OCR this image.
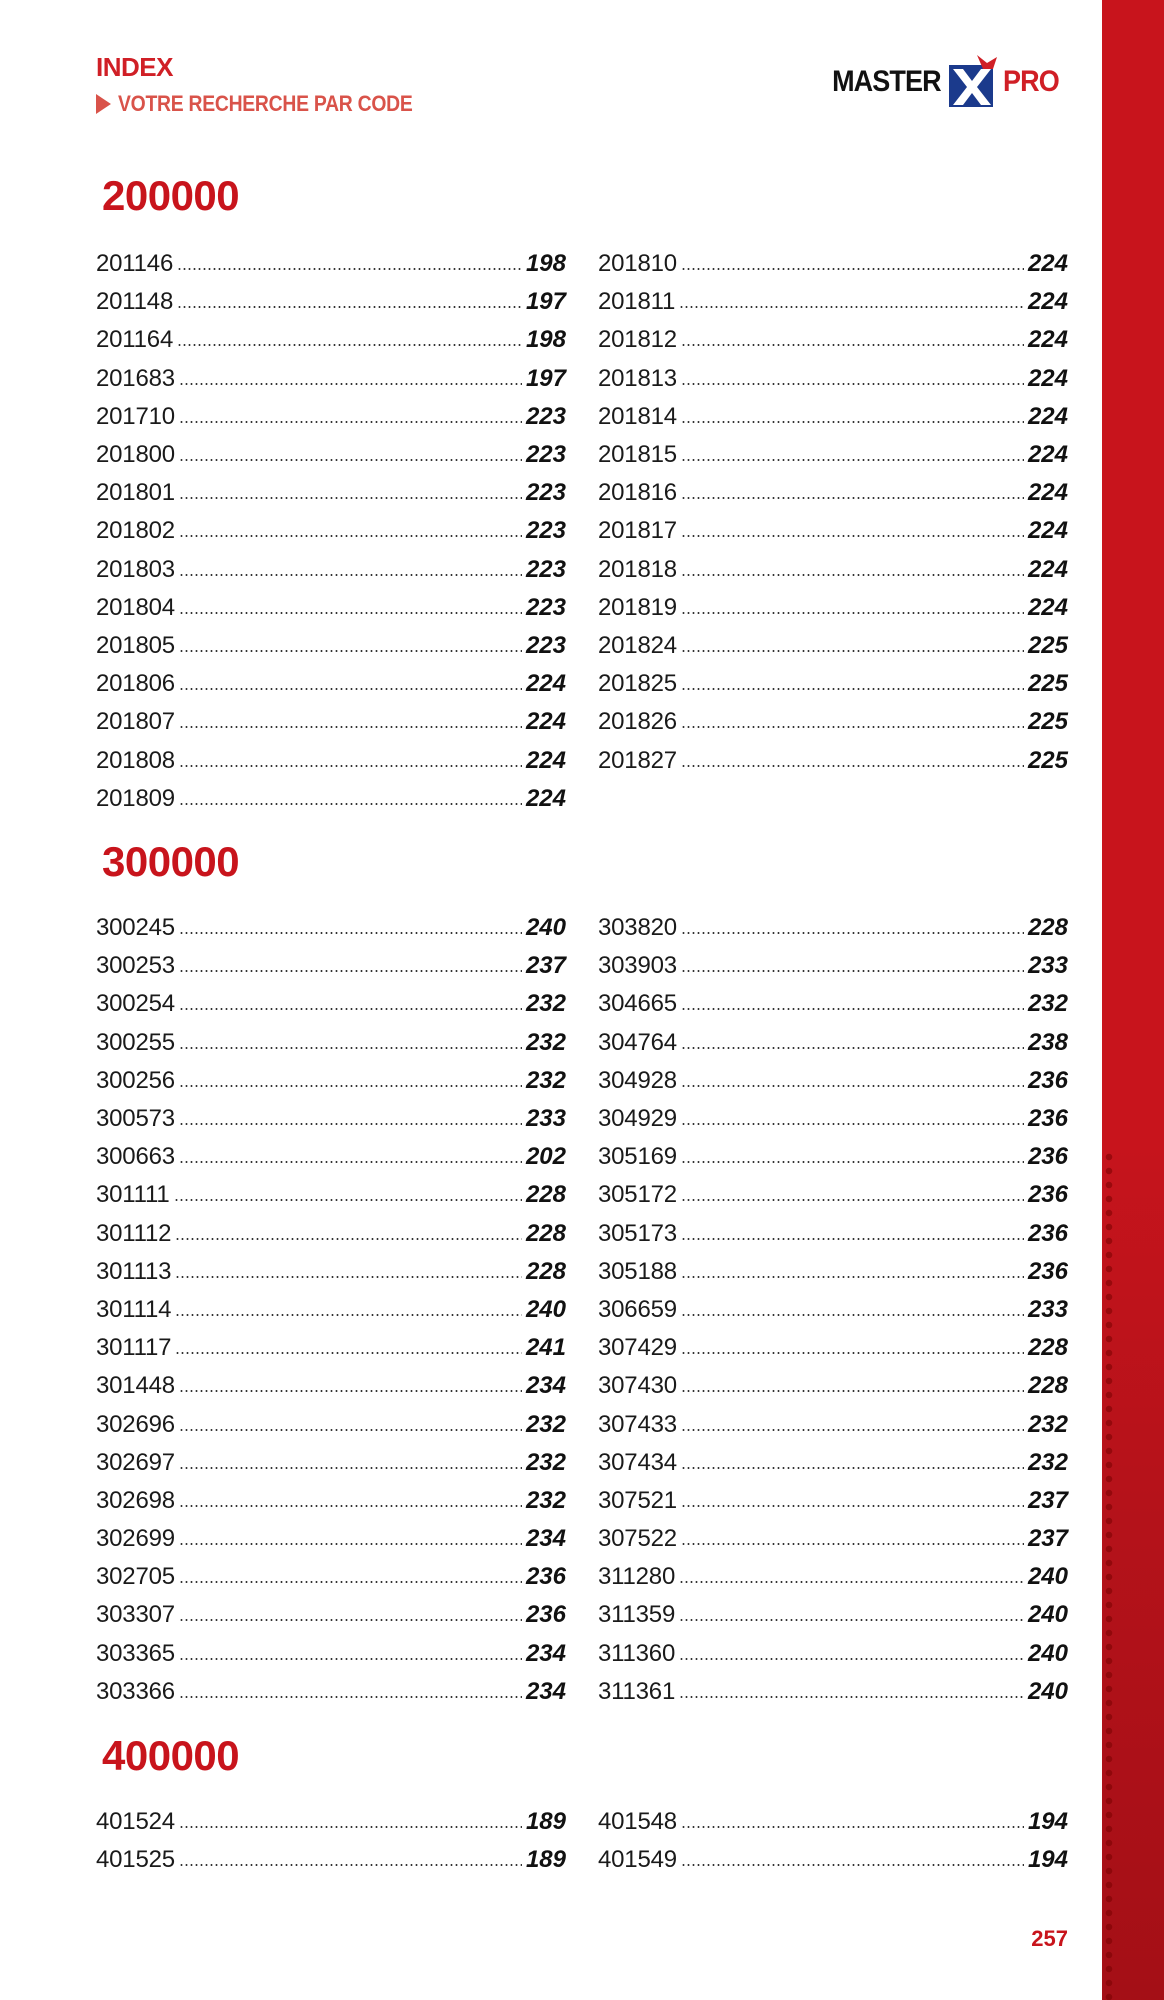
INDEX
VOTRE RECHERCHE PAR CODE
MASTER PRO
200000
201146	198
201148	197
201164	198
201683	197
201710	223
201800	223
201801	223
201802	223
201803	223
201804	223
201805	223
201806	224
201807	224
201808	224
201809	224
201810	224
201811	224
201812	224
201813	224
201814	224
201815	224
201816	224
201817	224
201818	224
201819	224
201824	225
201825	225
201826	225
201827	225
300000
300245	240
300253	237
300254	232
300255	232
300256	232
300573	233
300663	202
301111	228
301112	228
301113	228
301114	240
301117	241
301448	234
302696	232
302697	232
302698	232
302699	234
302705	236
303307	236
303365	234
303366	234
303820	228
303903	233
304665	232
304764	238
304928	236
304929	236
305169	236
305172	236
305173	236
305188	236
306659	233
307429	228
307430	228
307433	232
307434	232
307521	237
307522	237
311280	240
311359	240
311360	240
311361	240
400000
401524	189
401525	189
401548	194
401549	194
257
